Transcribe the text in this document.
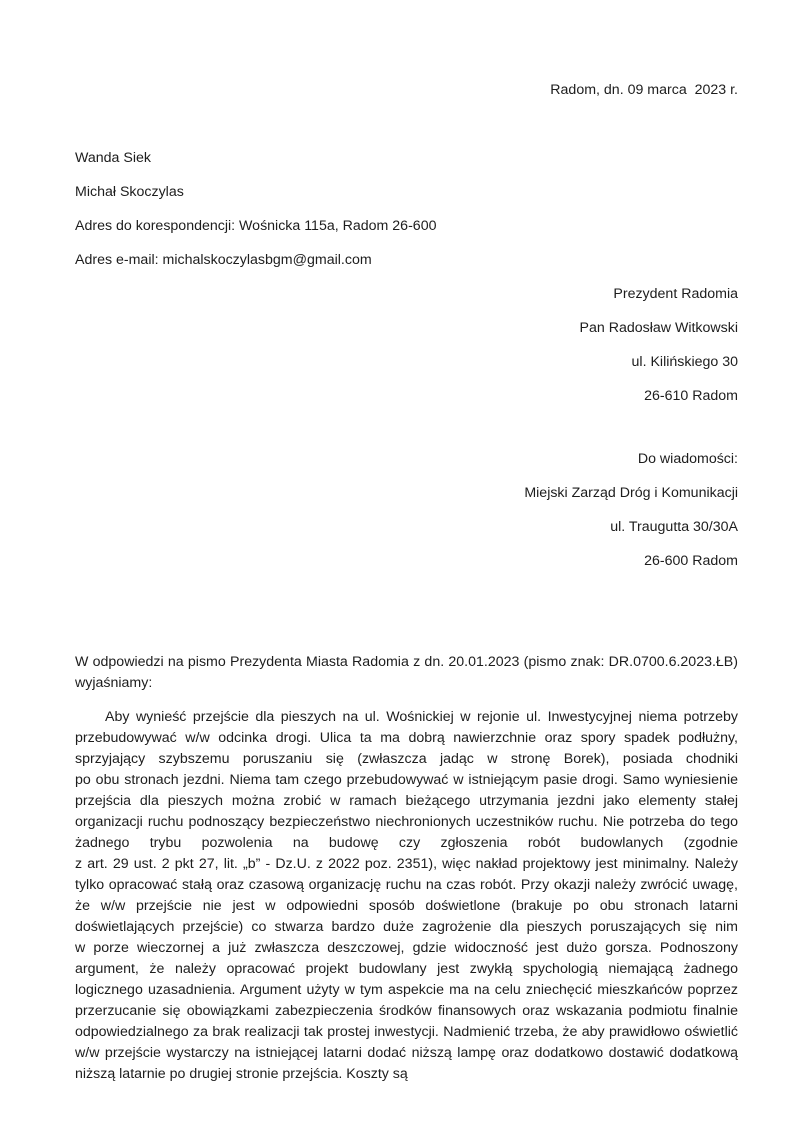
Radom, dn. 09 marca  2023 r.
Wanda Siek
Michał Skoczylas
Adres do korespondencji: Wośnicka 115a, Radom 26-600
Adres e-mail: michalskoczylasbgm@gmail.com
Prezydent Radomia
Pan Radosław Witkowski
ul. Kilińskiego 30
26-610 Radom
Do wiadomości:
Miejski Zarząd Dróg i Komunikacji
ul. Traugutta 30/30A
26-600 Radom

W odpowiedzi na pismo Prezydenta Miasta Radomia z dn. 20.01.2023 (pismo znak: DR.0700.6.2023.ŁB) wyjaśniamy:

Aby wynieść przejście dla pieszych na ul. Wośnickiej w rejonie ul. Inwestycyjnej niema potrzeby przebudowywać w/w odcinka drogi. Ulica ta ma dobrą nawierzchnie oraz spory spadek podłużny, sprzyjający szybszemu poruszaniu się (zwłaszcza jadąc w stronę Borek), posiada chodniki

po obu stronach jezdni. Niema tam czego przebudowywać w istniejącym pasie drogi. Samo wyniesienie przejścia dla pieszych można zrobić w ramach bieżącego utrzymania jezdni jako elementy stałej organizacji ruchu podnoszący bezpieczeństwo niechronionych uczestników ruchu. Nie potrzeba do tego żadnego trybu pozwolenia na budowę czy zgłoszenia robót budowlanych (zgodnie

z art. 29 ust. 2 pkt 27, lit. „b” - Dz.U. z 2022 poz. 2351), więc nakład projektowy jest minimalny. Należy tylko opracować stałą oraz czasową organizację ruchu na czas robót. Przy okazji należy zwrócić uwagę, że w/w przejście nie jest w odpowiedni sposób doświetlone (brakuje po obu stronach latarni doświetlających przejście) co stwarza bardzo duże zagrożenie dla pieszych poruszających się nim

w porze wieczornej a już zwłaszcza deszczowej, gdzie widoczność jest dużo gorsza. Podnoszony argument, że należy opracować projekt budowlany jest zwykłą spychologią niemającą żadnego logicznego uzasadnienia. Argument użyty w tym aspekcie ma na celu zniechęcić mieszkańców poprzez przerzucanie się obowiązkami zabezpieczenia środków finansowych oraz wskazania podmiotu finalnie odpowiedzialnego za brak realizacji tak prostej inwestycji. Nadmienić trzeba, że aby prawidłowo oświetlić w/w przejście wystarczy na istniejącej latarni dodać niższą lampę oraz dodatkowo dostawić dodatkową niższą latarnie po drugiej stronie przejścia. Koszty są
